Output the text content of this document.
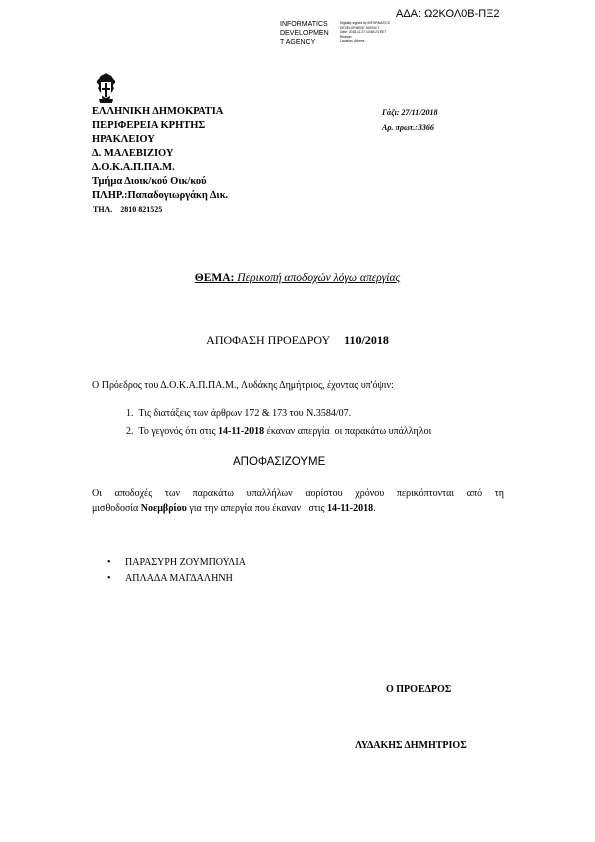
ΑΔΑ: Ω2ΚΟΛ0Β-ΠΞ2
INFORMATICS
DEVELOPMEN
T AGENCY
Digitally signed by INFORMATICS
DEVELOPMENT AGENCY
Date: 2018.11.27 10:58:23 EET
Reason:
Location: Athens
ΕΛΛΗΝΙΚΗ ΔΗΜΟΚΡΑΤΙΑ
ΠΕΡΙΦΕΡΕΙΑ ΚΡΗΤΗΣ
ΗΡΑΚΛΕΙΟΥ
Δ. ΜΑΛΕΒΙΖΙΟΥ
Δ.Ο.Κ.Α.Π.ΠΑ.Μ.
Τμήμα Διοικ/κού Οικ/κού
ΠΛΗΡ.:Παπαδογιωργάκη Δικ.
ΤΗΛ.    2810 821525
Γάζι: 27/11/2018
Αρ. πρωτ.:3366
ΘΕΜΑ: Περικοπή αποδοχών λόγω απεργίας
ΑΠΟΦΑΣΗ ΠΡΟΕΔΡΟΥ 110/2018
Ο Πρόεδρος του Δ.Ο.Κ.Α.Π.ΠΑ.Μ., Λυδάκης Δημήτριος, έχοντας υπ'όψιν:
1. Τις διατάξεις των άρθρων 172 & 173 του Ν.3584/07.
2. Το γεγονός ότι στις 14-11-2018 έκαναν απεργία  οι παρακάτω υπάλληλοι
ΑΠΟΦΑΣΙΖΟΥΜΕ
Οι αποδοχές των παρακάτω υπαλλήλων αορίστου χρόνου περικόπτονται από τη
μισθοδοσία Νοεμβρίου για την απεργία που έκαναν   στις 14-11-2018.
• ΠΑΡΑΣΥΡΗ ΖΟΥΜΠΟΥΛΙΑ
• ΑΠΛΑΔΑ ΜΑΓΔΑΛΗΝΗ
Ο ΠΡΟΕΔΡΟΣ
ΛΥΔΑΚΗΣ ΔΗΜΗΤΡΙΟΣ
